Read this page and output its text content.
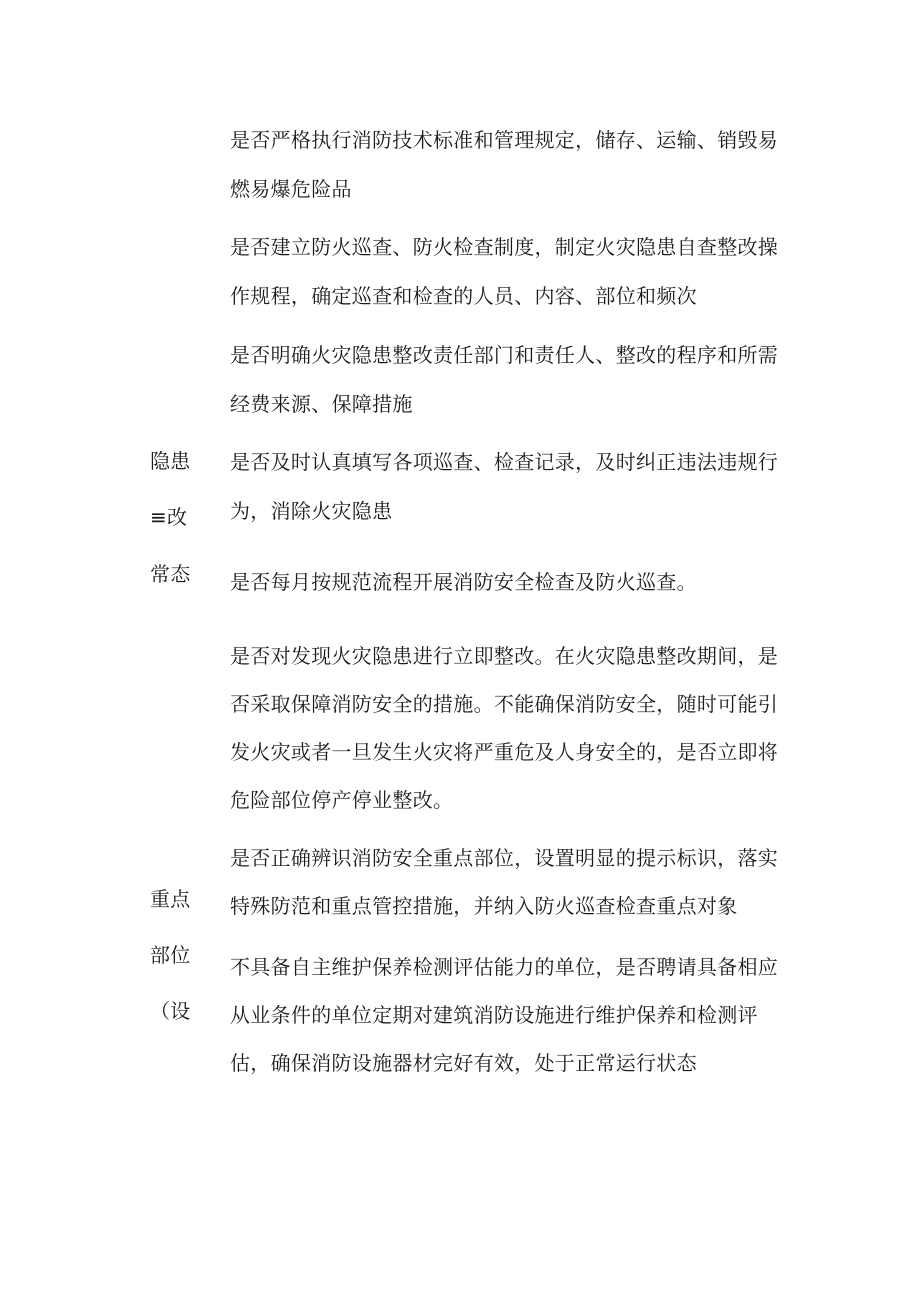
隐患
≡改
常态
重点
部位
（设
是否严格执行消防技术标准和管理规定，储存、运输、销毁易
燃易爆危险品
是否建立防火巡查、防火检查制度，制定火灾隐患自查整改操
作规程，确定巡查和检查的人员、内容、部位和频次
是否明确火灾隐患整改责任部门和责任人、整改的程序和所需
经费来源、保障措施
是否及时认真填写各项巡查、检查记录，及时纠正违法违规行
为，消除火灾隐患
是否每月按规范流程开展消防安全检查及防火巡查。
是否对发现火灾隐患进行立即整改。在火灾隐患整改期间，是
否采取保障消防安全的措施。不能确保消防安全，随时可能引
发火灾或者一旦发生火灾将严重危及人身安全的，是否立即将
危险部位停产停业整改。
是否正确辨识消防安全重点部位，设置明显的提示标识，落实
特殊防范和重点管控措施，并纳入防火巡查检查重点对象
不具备自主维护保养检测评估能力的单位，是否聘请具备相应
从业条件的单位定期对建筑消防设施进行维护保养和检测评
估，确保消防设施器材完好有效，处于正常运行状态
